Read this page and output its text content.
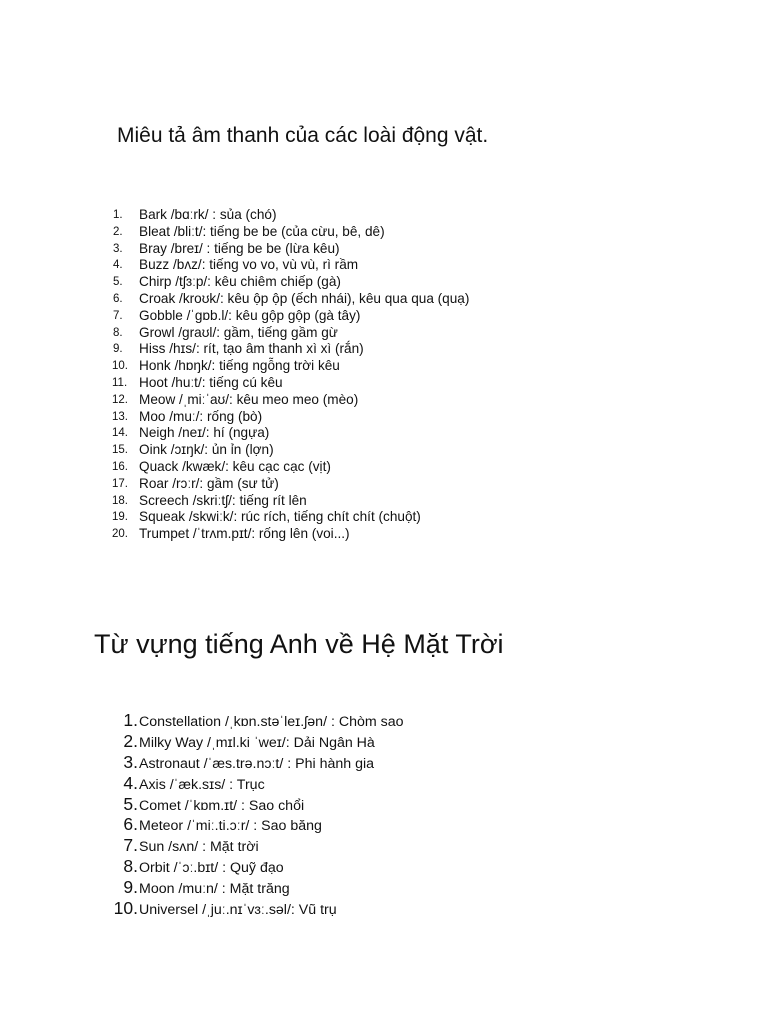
Miêu tả âm thanh của các loài động vật.
1.	Bark /bɑːrk/ : sủa (chó)
2.	Bleat /bliːt/: tiếng be be (của cừu, bê, dê)
3.	Bray /breɪ/ : tiếng be be (lừa kêu)
4.	Buzz /bʌz/: tiếng vo vo, vù vù, rì rầm
5.	Chirp /tʃɜːp/: kêu chiêm chiếp (gà)
6.	Croak /kroʊk/: kêu ộp ộp (ếch nhái), kêu qua qua (quạ)
7.	Gobble /ˈɡɒb.l/: kêu gộp gộp (gà tây)
8.	Growl /ɡraʊl/: gầm, tiếng gầm gừ
9.	Hiss /hɪs/: rít, tạo âm thanh xì xì (rắn)
10. Honk /hɒŋk/: tiếng ngỗng trời kêu
11. Hoot /huːt/: tiếng cú kêu
12. Meow /ˌmiːˈaʊ/: kêu meo meo (mèo)
13. Moo /muː/: rống (bò)
14. Neigh /neɪ/: hí (ngựa)
15. Oink /ɔɪŋk/: ủn ỉn (lợn)
16. Quack /kwæk/: kêu cạc cạc (vịt)
17. Roar /rɔːr/: gầm (sư tử)
18. Screech /skriːtʃ/: tiếng rít lên
19. Squeak /skwiːk/: rúc rích, tiếng chít chít (chuột)
20. Trumpet /ˈtrʌm.pɪt/: rống lên (voi...)
Từ vựng tiếng Anh về Hệ Mặt Trời
1. Constellation /ˌkɒn.stəˈleɪ.ʃən/ : Chòm sao
2. Milky Way /ˌmɪl.ki ˈweɪ/: Dải Ngân Hà
3. Astronaut /ˈæs.trə.nɔːt/ : Phi hành gia
4. Axis /ˈæk.sɪs/ : Trục
5. Comet /ˈkɒm.ɪt/ : Sao chổi
6. Meteor /ˈmiː.ti.ɔːr/ : Sao băng
7. Sun /sʌn/ : Mặt trời
8. Orbit /ˈɔː.bɪt/ : Quỹ đạo
9. Moon /muːn/ : Mặt trăng
10. Universel /ˌjuː.nɪˈvɜː.səl/: Vũ trụ
